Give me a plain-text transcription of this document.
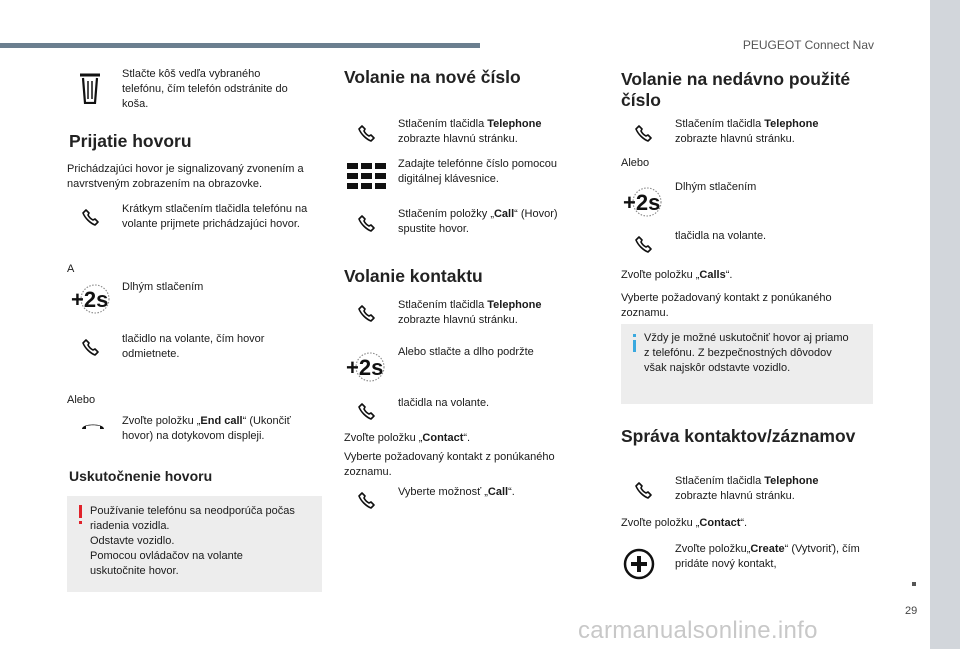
PEUGEOT Connect Nav
29
carmanualsonline.info
Stlačte kôš vedľa vybraného telefónu, čím telefón odstránite do koša.
Prijatie hovoru
Prichádzajúci hovor je signalizovaný zvonením a navrstveným zobrazením na obrazovke.
Krátkym stlačením tlačidla telefónu na volante prijmete prichádzajúci hovor.
A
Dlhým stlačením
tlačidlo na volante, čím hovor odmietnete.
Alebo
Zvoľte položku „End call“ (Ukončiť hovor) na dotykovom displeji.
Uskutočnenie hovoru
Používanie telefónu sa neodporúča počas
riadenia vozidla.
Odstavte vozidlo.
Pomocou ovládačov na volante
uskutočnite hovor.
Volanie na nové číslo
Stlačením tlačidla Telephone
zobrazte hlavnú stránku.
Zadajte telefónne číslo pomocou digitálnej klávesnice.
Stlačením položky „Call“ (Hovor) spustite hovor.
Volanie kontaktu
Stlačením tlačidla Telephone
zobrazte hlavnú stránku.
Alebo stlačte a dlho podržte
tlačidla na volante.
Zvoľte položku „Contact“.
Vyberte požadovaný kontakt z ponúkaného zoznamu.
Vyberte možnosť „Call“.
Volanie na nedávno použité číslo
Stlačením tlačidla Telephone
zobrazte hlavnú stránku.
Alebo
Dlhým stlačením
tlačidla na volante.
Zvoľte položku „Calls“.
Vyberte požadovaný kontakt z ponúkaného zoznamu.
Vždy je možné uskutočniť hovor aj priamo
z telefónu. Z bezpečnostných dôvodov
však najskôr odstavte vozidlo.
Správa kontaktov/záznamov
Stlačením tlačidla Telephone
zobrazte hlavnú stránku.
Zvoľte položku „Contact“.
Zvoľte položku„Create“ (Vytvoriť), čím pridáte nový kontakt,
